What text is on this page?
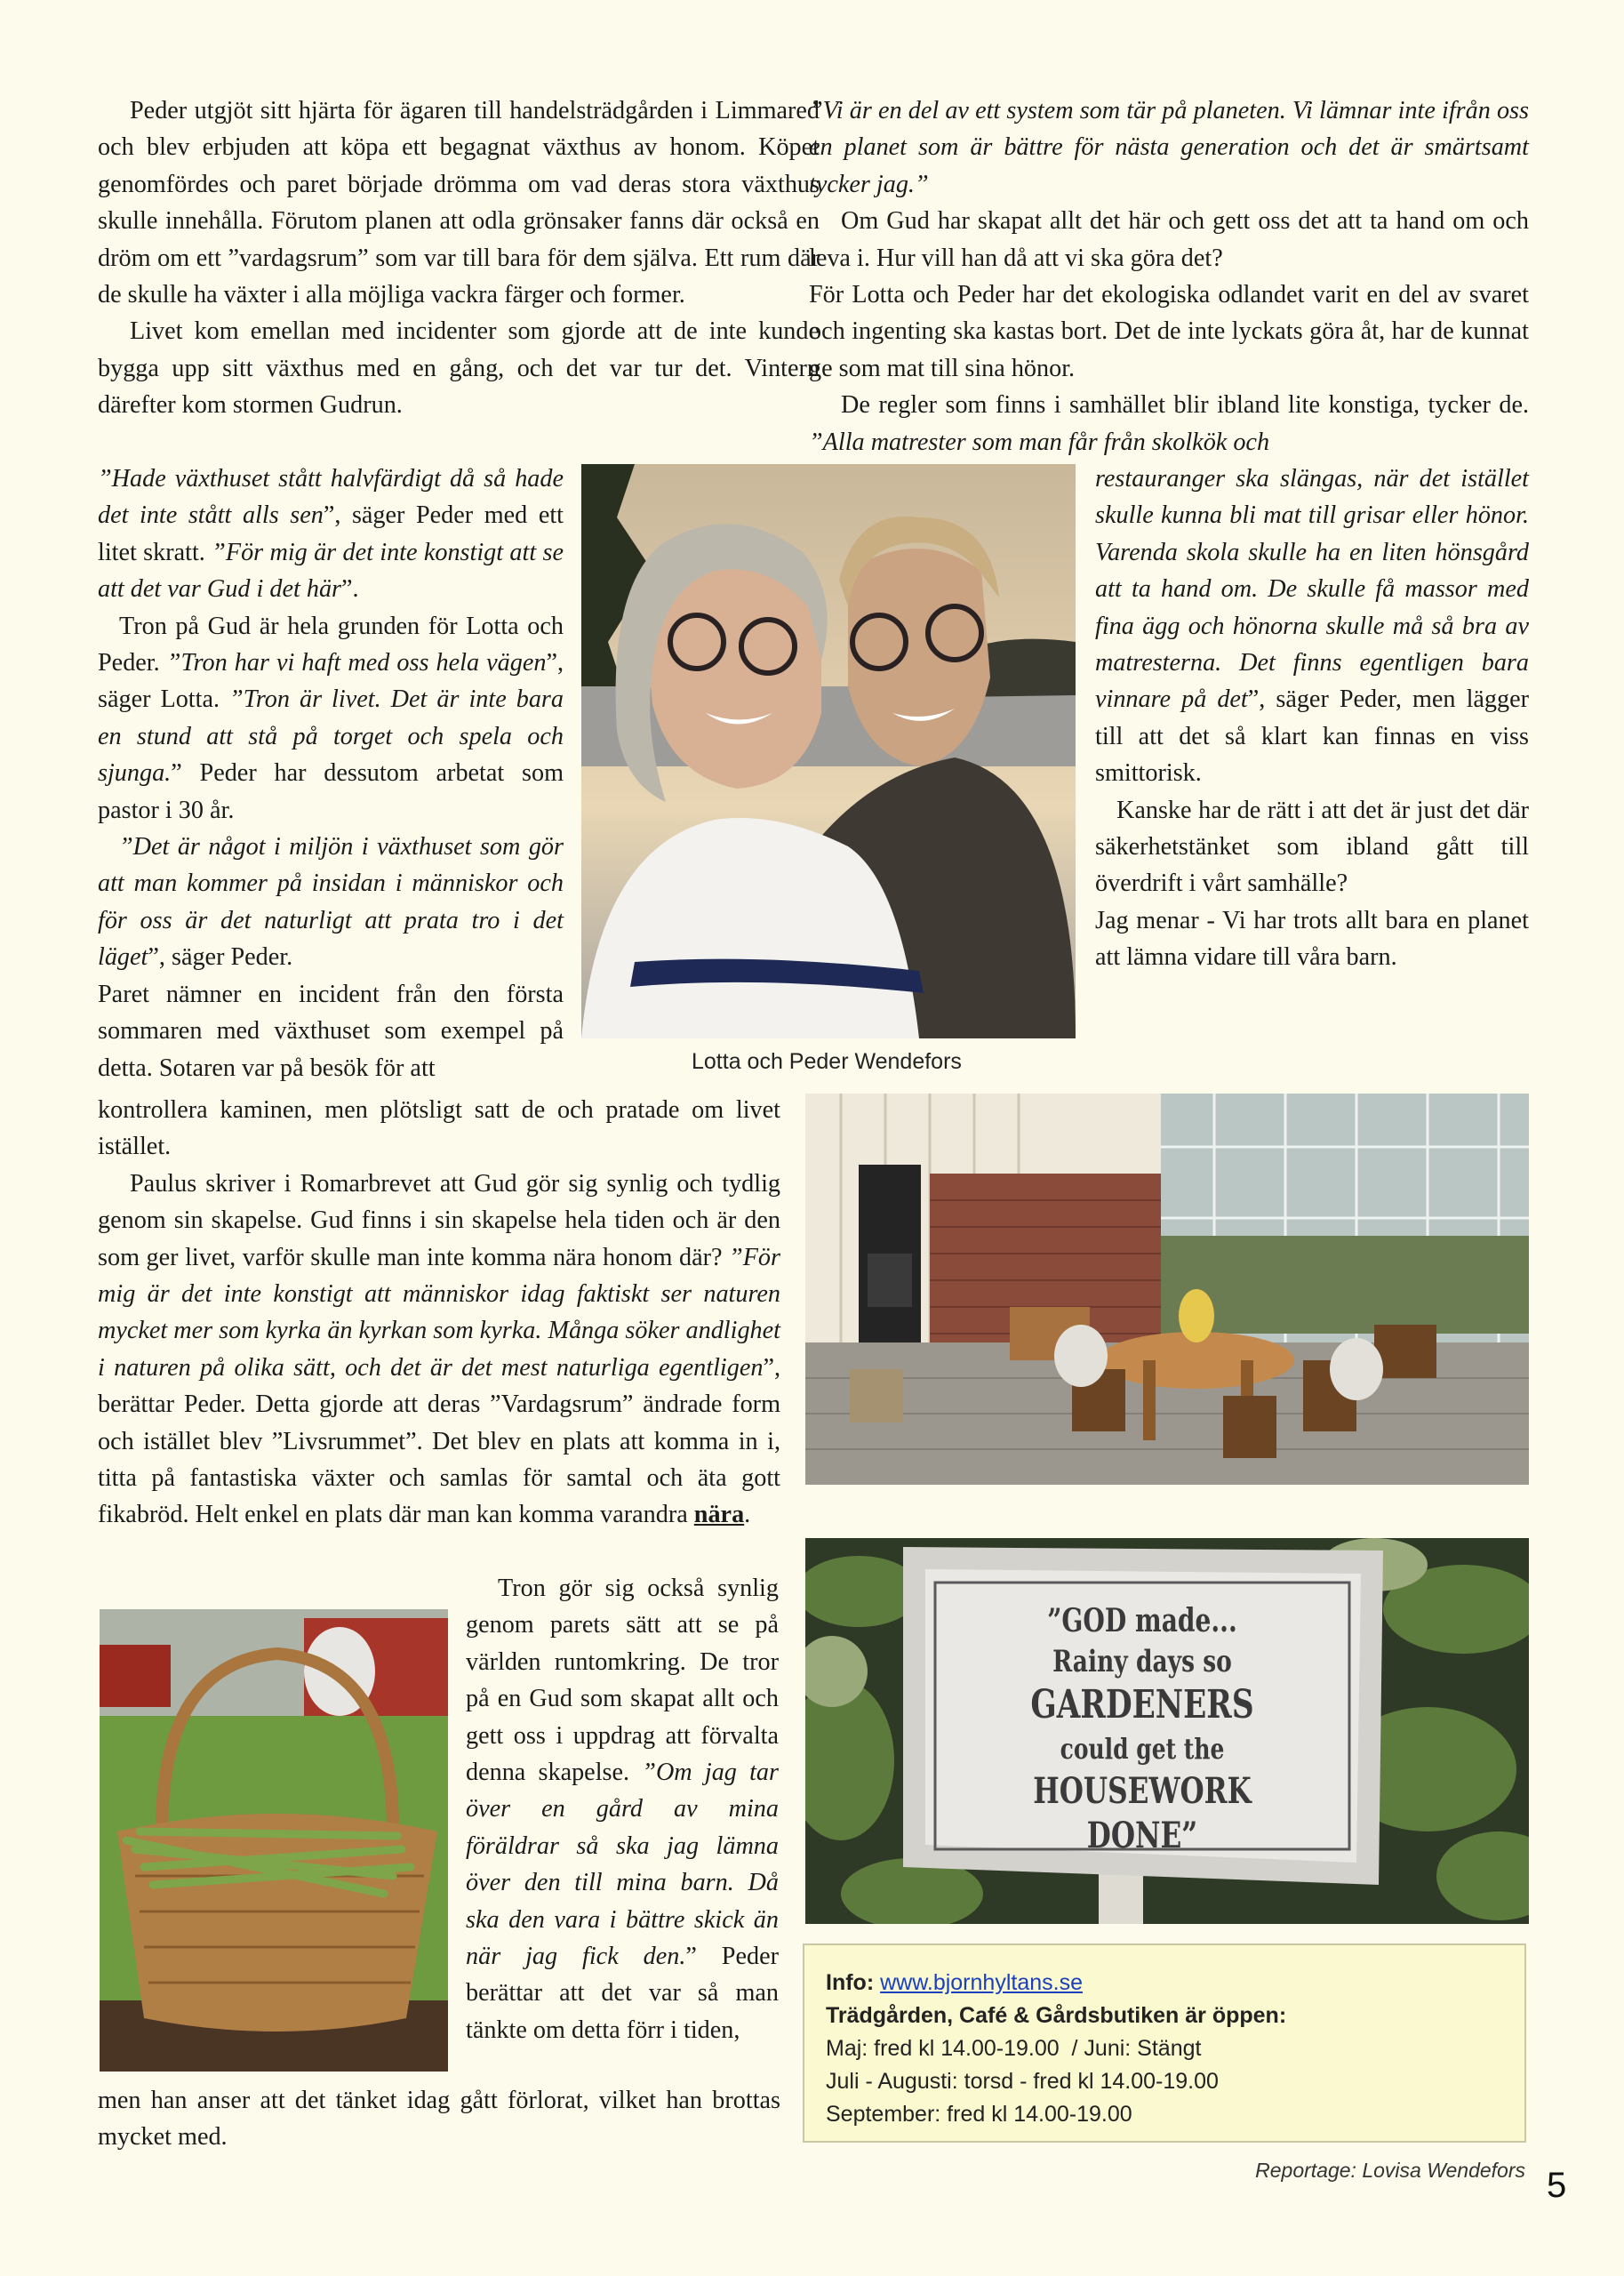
Peder utgjöt sitt hjärta för ägaren till handelsträdgården i Limmared och blev erbjuden att köpa ett begagnat växthus av honom. Köpet genomfördes och paret började drömma om vad deras stora växthus skulle innehålla. Förutom planen att odla grönsaker fanns där också en dröm om ett ”vardagsrum” som var till bara för dem själva. Ett rum där de skulle ha växter i alla möjliga vackra färger och former.

Livet kom emellan med incidenter som gjorde att de inte kunde bygga upp sitt växthus med en gång, och det var tur det. Vintern därefter kom stormen Gudrun.

”Hade växthuset stått halvfärdigt då så hade det inte stått alls sen”, säger Peder med ett litet skratt. ”För mig är det inte konstigt att se att det var Gud i det här”.

Tron på Gud är hela grunden för Lotta och Peder. ”Tron har vi haft med oss hela vägen”, säger Lotta. ”Tron är livet. Det är inte bara en stund att stå på torget och spela och sjunga.” Peder har dessutom arbetat som pastor i 30 år.

”Det är något i miljön i växthuset som gör att man kommer på insidan i människor och för oss är det naturligt att prata tro i det läget”, säger Peder.

Paret nämner en incident från den första sommaren med växthuset som exempel på detta. Sotaren var på besök för att

kontrollera kaminen, men plötsligt satt de och pratade om livet istället.

Paulus skriver i Romarbrevet att Gud gör sig synlig och tydlig genom sin skapelse. Gud finns i sin skapelse hela tiden och är den som ger livet, varför skulle man inte komma nära honom där? ”För mig är det inte konstigt att människor idag faktiskt ser naturen mycket mer som kyrka än kyrkan som kyrka. Många söker andlighet i naturen på olika sätt, och det är det mest naturliga egentligen”, berättar Peder. Detta gjorde att deras ”Vardagsrum” ändrade form och istället blev ”Livsrummet”. Det blev en plats att komma in i, titta på fantastiska växter och samlas för samtal och äta gott fikabröd. Helt enkel en plats där man kan komma varandra nära.

Tron gör sig också synlig genom parets sätt att se på världen runtomkring. De tror på en Gud som skapat allt och gett oss i uppdrag att förvalta denna skapelse. ”Om jag tar över en gård av mina föräldrar så ska jag lämna över den till mina barn. Då ska den vara i bättre skick än när jag fick den.” Peder berättar att det var så man tänkte om detta förr i tiden,

men han anser att det tänket idag gått förlorat, vilket han brottas mycket med.

”Vi är en del av ett system som tär på planeten. Vi lämnar inte ifrån oss en planet som är bättre för nästa generation och det är smärtsamt tycker jag.”

Om Gud har skapat allt det här och gett oss det att ta hand om och leva i. Hur vill han då att vi ska göra det?

För Lotta och Peder har det ekologiska odlandet varit en del av svaret och ingenting ska kastas bort. Det de inte lyckats göra åt, har de kunnat ge som mat till sina hönor.

De regler som finns i samhället blir ibland lite konstiga, tycker de. ”Alla matrester som man får från skolkök och

restauranger ska slängas, när det istället skulle kunna bli mat till grisar eller hönor. Varenda skola skulle ha en liten hönsgård att ta hand om. De skulle få massor med fina ägg och hönorna skulle må så bra av matresterna. Det finns egentligen bara vinnare på det”, säger Peder, men lägger till att det så klart kan finnas en viss smittorisk.

Kanske har de rätt i att det är just det där säkerhetstänket som ibland gått till överdrift i vårt samhälle?

Jag menar - Vi har trots allt bara en planet att lämna vidare till våra barn.

Lotta och Peder Wendefors
”GOD made...
Rainy days so
GARDENERS
could get the
HOUSEWORK DONE”
Info: www.bjornhyltans.se
Trädgården, Café & Gårdsbutiken är öppen:
Maj: fred kl 14.00-19.00  / Juni: Stängt
Juli - Augusti: torsd - fred kl 14.00-19.00
September: fred kl 14.00-19.00
Reportage: Lovisa Wendefors 5
